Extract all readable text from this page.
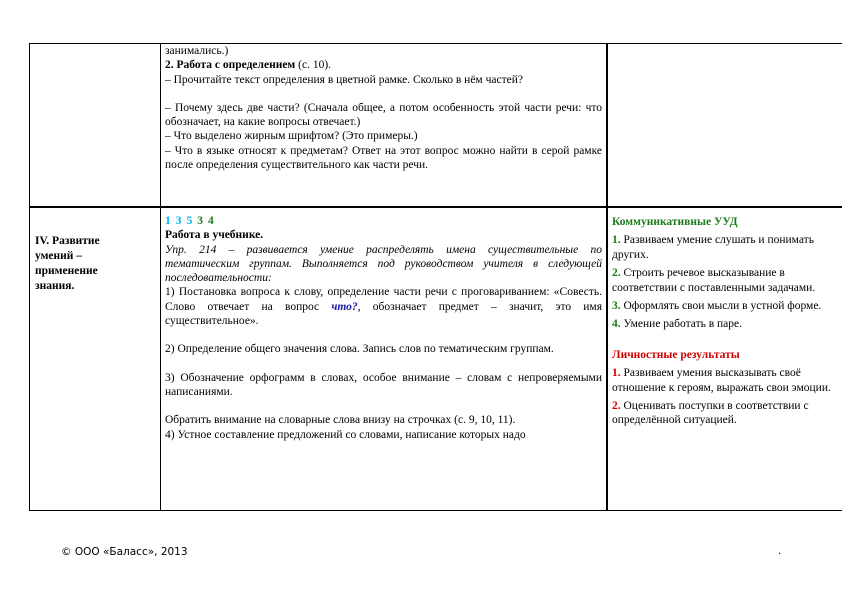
занимались.)

2. Работа с определением (с. 10).

– Прочитайте текст определения в цветной рамке. Сколько в нём частей?

– Почему здесь две части? (Сначала общее, а потом особенность этой части речи: что обозначает, на какие вопросы отвечает.)

– Что выделено жирным шрифтом? (Это примеры.)

– Что в языке относят к предметам? Ответ на этот вопрос можно найти в серой рамке после определения существительного как части речи.

IV. Развитие умений – применение знания.

1 3 5 3 4

Работа в учебнике.

Упр. 214 – развивается умение распределять имена существительные по тематическим группам. Выполняется под руководством учителя в следующей последовательности:

1) Постановка вопроса к слову, определение части речи с проговариванием: «Совесть. Слово отвечает на вопрос что?, обозначает предмет – значит, это имя существительное».

2) Определение общего значения слова. Запись слов по тематическим группам.

3) Обозначение орфограмм в словах, особое внимание – словам с непроверяемыми написаниями.

Обратить внимание на словарные слова внизу на строчках (с. 9, 10, 11).

4) Устное составление предложений со словами, написание которых надо

Коммуникативные УУД

1. Развиваем умение слушать и понимать других.

2. Строить речевое высказывание в соответствии с поставленными задачами.

3. Оформлять свои мысли в устной форме.

4. Умение работать в паре.

Личностные результаты

1. Развиваем умения высказывать своё отношение к героям, выражать свои эмоции.

2. Оценивать поступки в соответствии с определённой ситуацией.

© ООО «Баласс», 2013	.
